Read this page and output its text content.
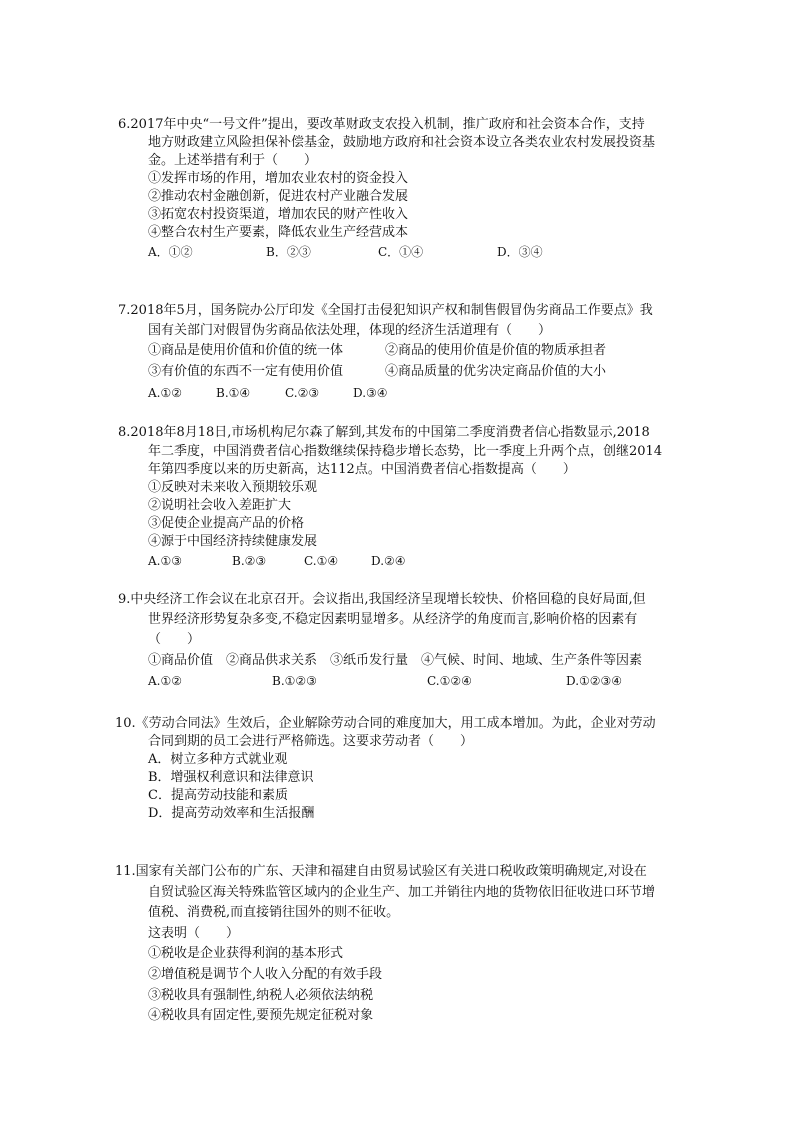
6.2017年中央“一号文件”提出，要改革财政支农投入机制，推广政府和社会资本合作，支持
地方财政建立风险担保补偿基金，鼓励地方政府和社会资本设立各类农业农村发展投资基
金。上述举措有利于（　　）
①发挥市场的作用，增加农业农村的资金投入
②推动农村金融创新，促进农村产业融合发展
③拓宽农村投资渠道，增加农民的财产性收入
④整合农村生产要素，降低农业生产经营成本
A．①②	B．②③	C．①④	D．③④
7.2018年5月，国务院办公厅印发《全国打击侵犯知识产权和制售假冒伪劣商品工作要点》我
国有关部门对假冒伪劣商品依法处理，体现的经济生活道理有（　　）
①商品是使用价值和价值的统一体	②商品的使用价值是价值的物质承担者
③有价值的东西不一定有使用价值	④商品质量的优劣决定商品价值的大小
A.①②	B.①④	C.②③	D.③④
8.2018年8月18日,市场机构尼尔森了解到,其发布的中国第二季度消费者信心指数显示,2018
年二季度，中国消费者信心指数继续保持稳步增长态势，比一季度上升两个点，创继2014
年第四季度以来的历史新高，达112点。中国消费者信心指数提高（　　）
①反映对未来收入预期较乐观
②说明社会收入差距扩大
③促使企业提高产品的价格
④源于中国经济持续健康发展
A.①③	B.②③	C.①④	D.②④
9.中央经济工作会议在北京召开。会议指出,我国经济呈现增长较快、价格回稳的良好局面,但
世界经济形势复杂多变,不稳定因素明显增多。从经济学的角度而言,影响价格的因素有
（　　）
①商品价值　②商品供求关系　③纸币发行量　④气候、时间、地域、生产条件等因素
A.①②	B.①②③	C.①②④	D.①②③④
10.《劳动合同法》生效后，企业解除劳动合同的难度加大，用工成本增加。为此，企业对劳动
合同到期的员工会进行严格筛选。这要求劳动者（　　）
A．树立多种方式就业观
B．增强权利意识和法律意识
C．提高劳动技能和素质
D．提高劳动效率和生活报酬
11.国家有关部门公布的广东、天津和福建自由贸易试验区有关进口税收政策明确规定,对设在
自贸试验区海关特殊监管区域内的企业生产、加工并销往内地的货物依旧征收进口环节增
值税、消费税,而直接销往国外的则不征收。
这表明（　　）
①税收是企业获得利润的基本形式
②增值税是调节个人收入分配的有效手段
③税收具有强制性,纳税人必须依法纳税
④税收具有固定性,要预先规定征税对象
